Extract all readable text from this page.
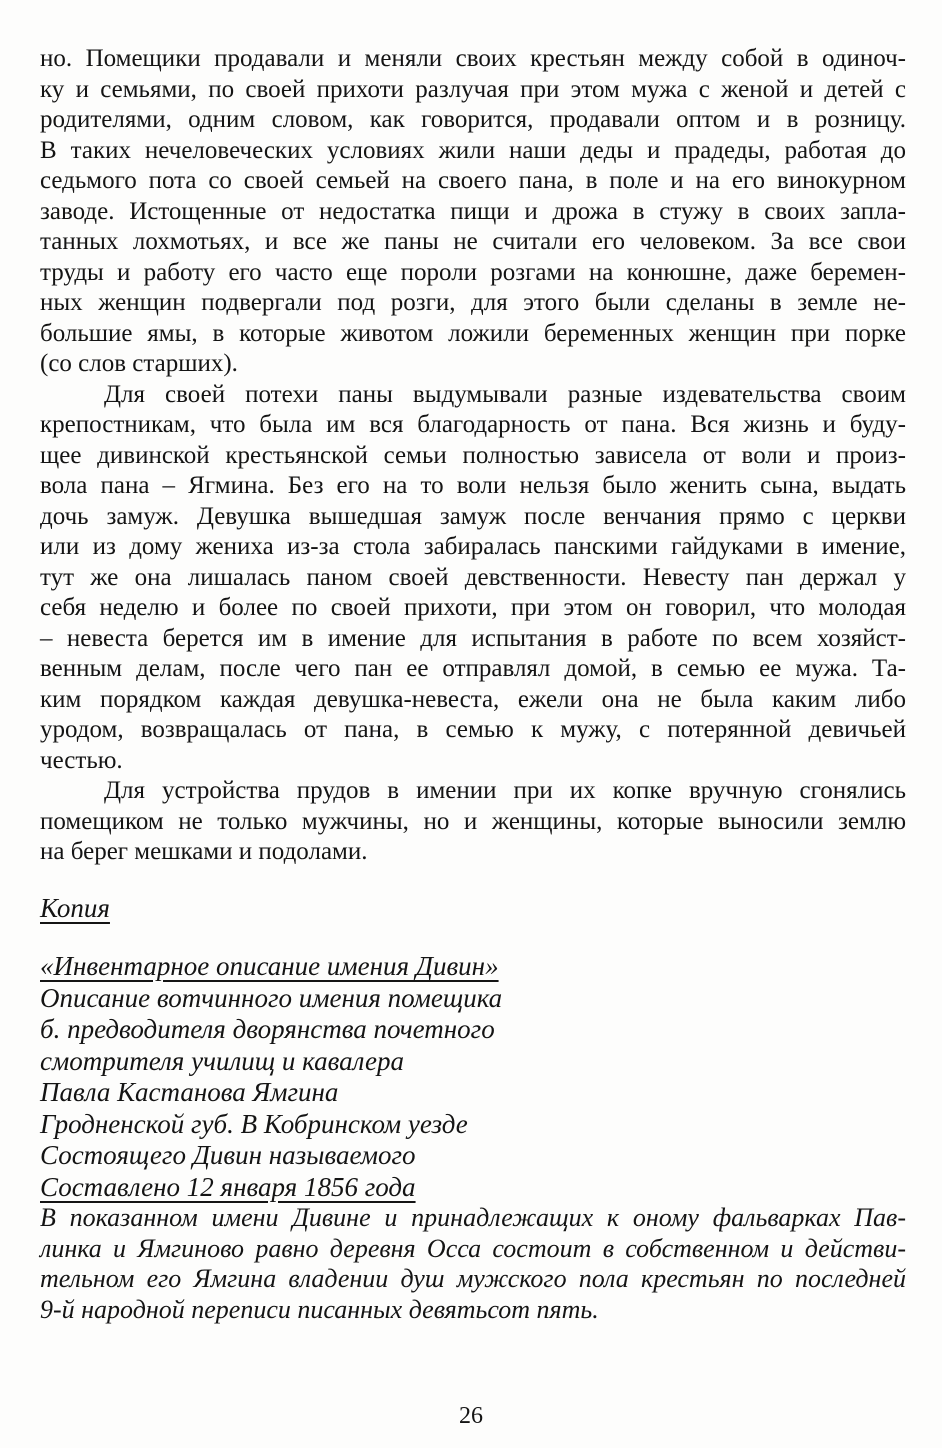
но. Помещики продавали и меняли своих крестьян между собой в одиноч-
ку и семьями, по своей прихоти разлучая при этом мужа с женой и детей с
родителями, одним словом, как говорится, продавали оптом и в розницу.
В таких нечеловеческих условиях жили наши деды и прадеды, работая до
седьмого пота со своей семьей на своего пана, в поле и на его винокурном
заводе. Истощенные от недостатка пищи и дрожа в стужу в своих запла-
танных лохмотьях, и все же паны не считали его человеком. За все свои
труды и работу его часто еще пороли розгами на конюшне, даже беремен-
ных женщин подвергали под розги, для этого были сделаны в земле не-
большие ямы, в которые животом ложили беременных женщин при порке
(со слов старших).
Для своей потехи паны выдумывали разные издевательства своим
крепостникам, что была им вся благодарность от пана. Вся жизнь и буду-
щее дивинской крестьянской семьи полностью зависела от воли и произ-
вола пана – Ягмина. Без его на то воли нельзя было женить сына, выдать
дочь замуж. Девушка вышедшая замуж после венчания прямо с церкви
или из дому жениха из-за стола забиралась панскими гайдуками в имение,
тут же она лишалась паном своей девственности. Невесту пан держал у
себя неделю и более по своей прихоти, при этом он говорил, что молодая
– невеста берется им в имение для испытания в работе по всем хозяйст-
венным делам, после чего пан ее отправлял домой, в семью ее мужа. Та-
ким порядком каждая девушка-невеста, ежели она не была каким либо
уродом, возвращалась от пана, в семью к мужу, с потерянной девичьей
честью.
Для устройства прудов в имении при их копке вручную сгонялись
помещиком не только мужчины, но и женщины, которые выносили землю
на берег мешками и подолами.
Копия
«Инвентарное описание имения Дивин»
Описание вотчинного имения помещика
б. предводителя дворянства почетного
смотрителя училищ и кавалера
Павла Кастанова Ямгина
Гродненской губ. В Кобринском уезде
Состоящего Дивин называемого
Составлено 12 января 1856 года
В показанном имени Дивине и принадлежащих к оному фальварках Пав-
линка и Ямгиново равно деревня Осса состоит в собственном и действи-
тельном его Ямгина владении душ мужского пола крестьян по последней
9-й народной переписи писанных девятьсот пять.
26
